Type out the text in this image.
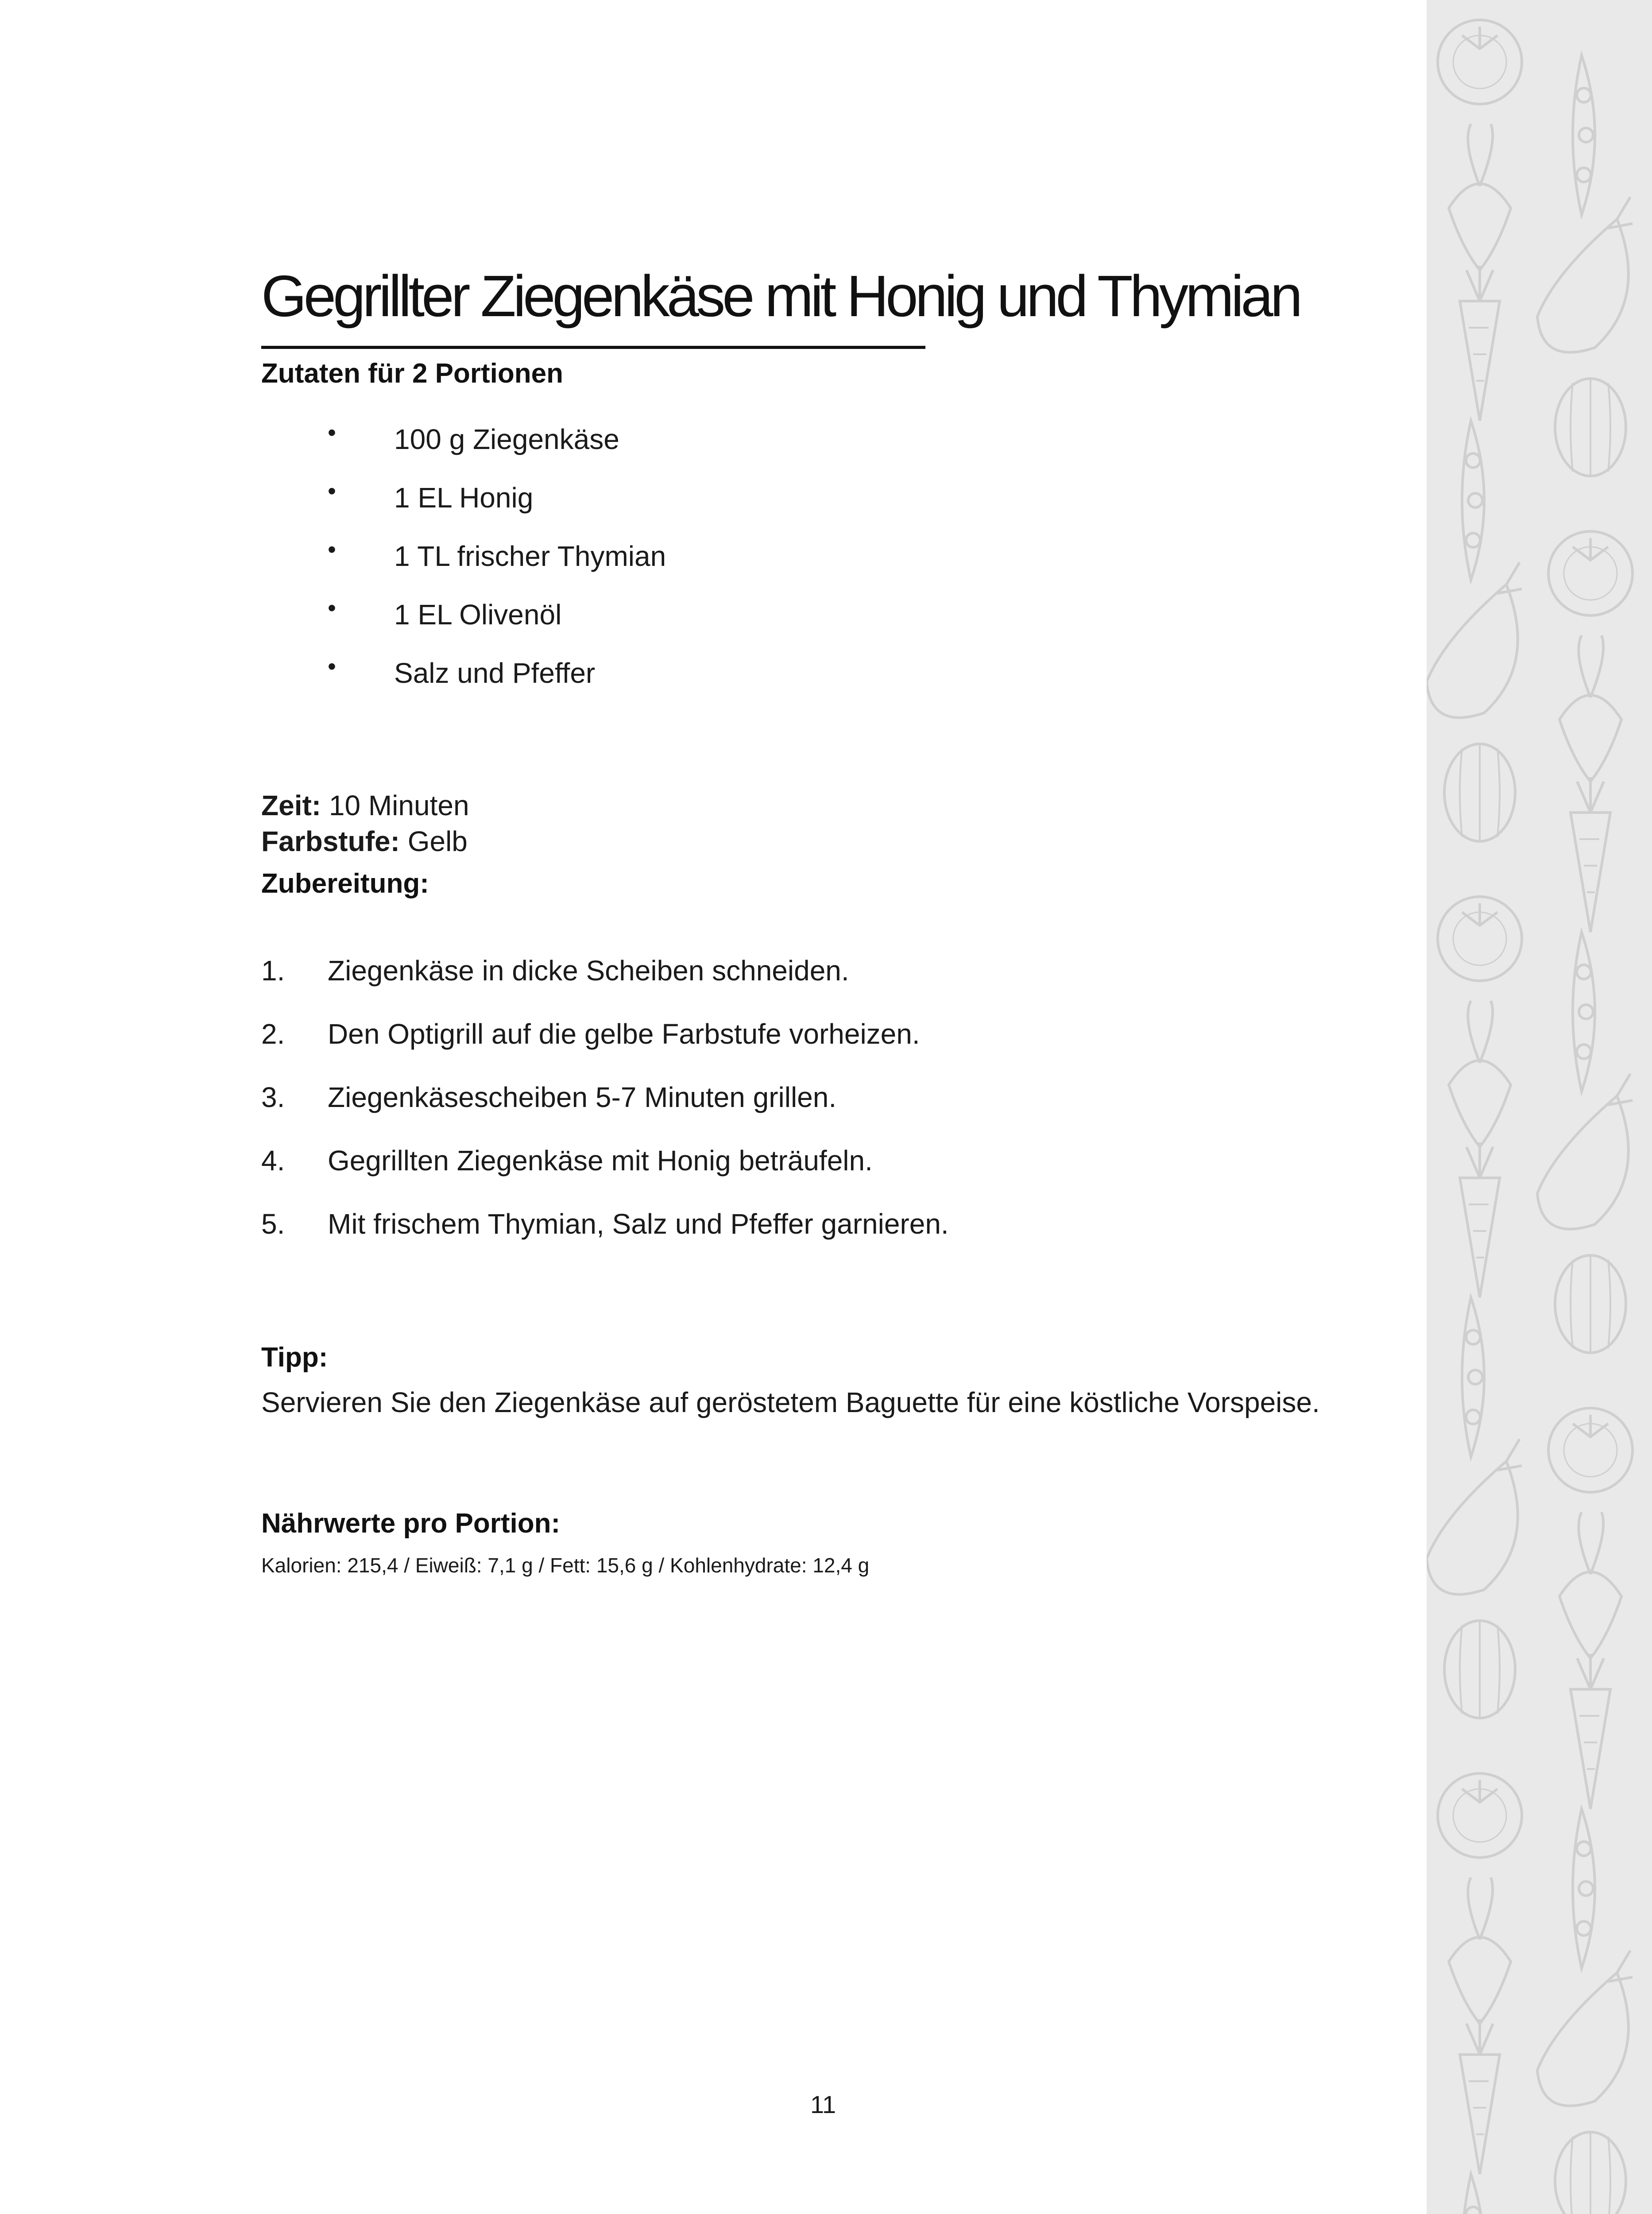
Gegrillter Ziegenkäse mit Honig und Thymian

Zutaten für 2 Portionen

• 100 g Ziegenkäse
• 1 EL Honig
• 1 TL frischer Thymian
• 1 EL Olivenöl
• Salz und Pfeffer

Zeit: 10 Minuten

Farbstufe: Gelb

Zubereitung:

1. Ziegenkäse in dicke Scheiben schneiden.
2. Den Optigrill auf die gelbe Farbstufe vorheizen.
3. Ziegenkäsescheiben 5-7 Minuten grillen.
4. Gegrillten Ziegenkäse mit Honig beträufeln.
5. Mit frischem Thymian, Salz und Pfeffer garnieren.

Tipp:

Servieren Sie den Ziegenkäse auf geröstetem Baguette für eine köstliche Vorspeise.

Nährwerte pro Portion:

Kalorien: 215,4 / Eiweiß: 7,1 g / Fett: 15,6 g / Kohlenhydrate: 12,4 g

11
